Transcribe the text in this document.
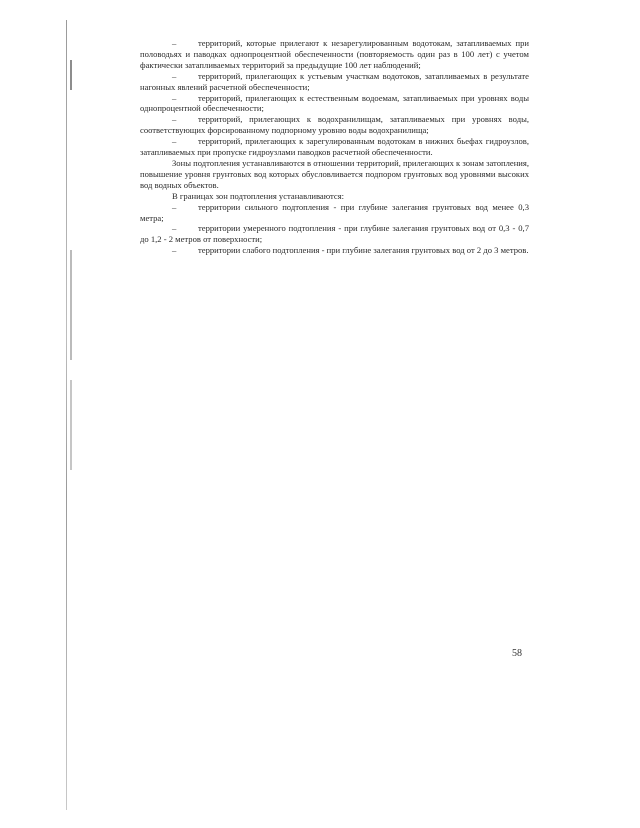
–	территорий, которые прилегают к незарегулированным водотокам, затапливаемых при половодьях и паводках однопроцентной обеспеченности (повторяемость один раз в 100 лет) с учетом фактически затапливаемых территорий за предыдущие 100 лет наблюдений;

–	территорий, прилегающих к устьевым участкам водотоков, затапливаемых в результате нагонных явлений расчетной обеспеченности;

–	территорий, прилегающих к естественным водоемам, затапливаемых при уровнях воды однопроцентной обеспеченности;

–	территорий, прилегающих к водохранилищам, затапливаемых при уровнях воды, соответствующих форсированному подпорному уровню воды водохранилища;

–	территорий, прилегающих к зарегулированным водотокам в нижних бьефах гидроузлов, затапливаемых при пропуске гидроузлами паводков расчетной обеспеченности.

Зоны подтопления устанавливаются в отношении территорий, прилегающих к зонам затопления, повышение уровня грунтовых вод которых обусловливается подпором грунтовых вод уровнями высоких вод водных объектов.

В границах зон подтопления устанавливаются:

–	территории сильного подтопления - при глубине залегания грунтовых вод менее 0,3 метра;

–	территории умеренного подтопления - при глубине залегания грунтовых вод от 0,3 - 0,7 до 1,2 - 2 метров от поверхности;

–	территории слабого подтопления - при глубине залегания грунтовых вод от 2 до 3 метров.

58
